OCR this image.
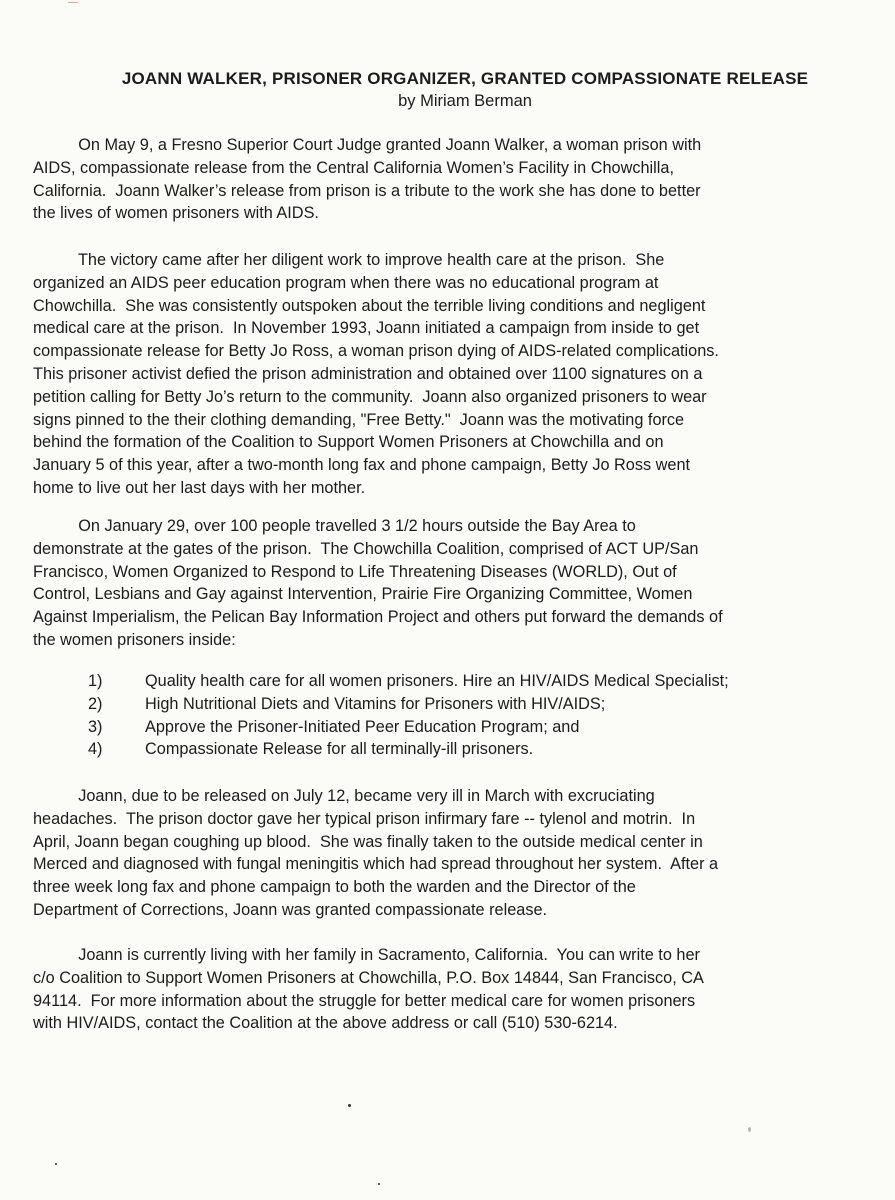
—
JOANN WALKER, PRISONER ORGANIZER, GRANTED COMPASSIONATE RELEASE
by Miriam Berman
On May 9, a Fresno Superior Court Judge granted Joann Walker, a woman prison with
AIDS, compassionate release from the Central California Women’s Facility in Chowchilla,
California.  Joann Walker’s release from prison is a tribute to the work she has done to better
the lives of women prisoners with AIDS.
The victory came after her diligent work to improve health care at the prison.  She
organized an AIDS peer education program when there was no educational program at
Chowchilla.  She was consistently outspoken about the terrible living conditions and negligent
medical care at the prison.  In November 1993, Joann initiated a campaign from inside to get
compassionate release for Betty Jo Ross, a woman prison dying of AIDS-related complications.
This prisoner activist defied the prison administration and obtained over 1100 signatures on a
petition calling for Betty Jo’s return to the community.  Joann also organized prisoners to wear
signs pinned to the their clothing demanding, "Free Betty."  Joann was the motivating force
behind the formation of the Coalition to Support Women Prisoners at Chowchilla and on
January 5 of this year, after a two-month long fax and phone campaign, Betty Jo Ross went
home to live out her last days with her mother.
On January 29, over 100 people travelled 3 1/2 hours outside the Bay Area to
demonstrate at the gates of the prison.  The Chowchilla Coalition, comprised of ACT UP/San
Francisco, Women Organized to Respond to Life Threatening Diseases (WORLD), Out of
Control, Lesbians and Gay against Intervention, Prairie Fire Organizing Committee, Women
Against Imperialism, the Pelican Bay Information Project and others put forward the demands of
the women prisoners inside:
1)	Quality health care for all women prisoners. Hire an HIV/AIDS Medical Specialist;
2)	High Nutritional Diets and Vitamins for Prisoners with HIV/AIDS;
3)	Approve the Prisoner-Initiated Peer Education Program; and
4)	Compassionate Release for all terminally-ill prisoners.
Joann, due to be released on July 12, became very ill in March with excruciating
headaches.  The prison doctor gave her typical prison infirmary fare -- tylenol and motrin.  In
April, Joann began coughing up blood.  She was finally taken to the outside medical center in
Merced and diagnosed with fungal meningitis which had spread throughout her system.  After a
three week long fax and phone campaign to both the warden and the Director of the
Department of Corrections, Joann was granted compassionate release.
Joann is currently living with her family in Sacramento, California.  You can write to her
c/o Coalition to Support Women Prisoners at Chowchilla, P.O. Box 14844, San Francisco, CA
94114.  For more information about the struggle for better medical care for women prisoners
with HIV/AIDS, contact the Coalition at the above address or call (510) 530-6214.
